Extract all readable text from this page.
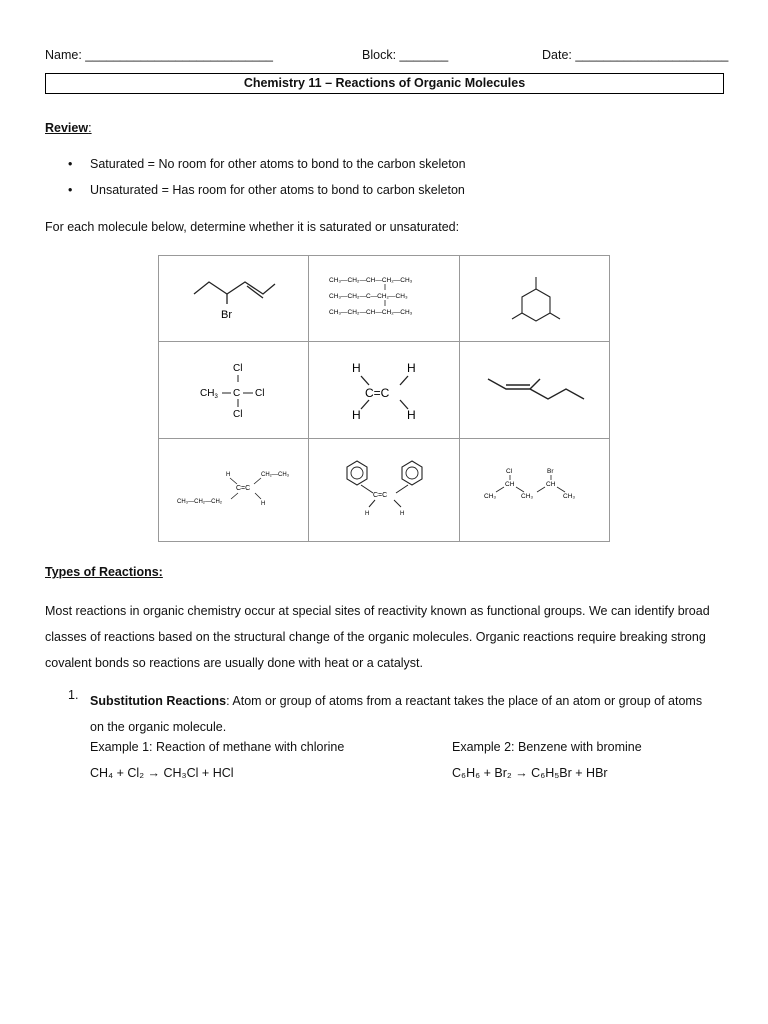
Name: ___________________________	Block: _______	Date: ______________________
Chemistry 11 – Reactions of Organic Molecules
Review:
• Saturated = No room for other atoms to bond to the carbon skeleton
• Unsaturated = Has room for other atoms to bond to carbon skeleton
For each molecule below, determine whether it is saturated or unsaturated:
Br
CH₃—CH₂—CH—CH₂—CH₃
CH₃—CH₂—C—CH₂—CH₃
CH₃—CH₂—CH—CH₂—CH₃
Cl
$CH_3$ C Cl
Cl
H	H
C=C
H	H
H	CH₂—CH₃
C=C
CH₃—CH₂—CH₂	H
C=C
H	H
Cl
CH
Br
CH
CH₃	CH₃	CH₃
Types of Reactions:
Most reactions in organic chemistry occur at special sites of reactivity known as functional groups. We can identify broad
classes of reactions based on the structural change of the organic molecules. Organic reactions require breaking strong
covalent bonds so reactions are usually done with heat or a catalyst.
1. Substitution Reactions: Atom or group of atoms from a reactant takes the place of an atom or group of atoms
on the organic molecule.
Example 1: Reaction of methane with chlorine
CH₄ + Cl₂ → CH₃Cl + HCl
Example 2: Benzene with bromine
C₆H₆ + Br₂ → C₆H₅Br + HBr
